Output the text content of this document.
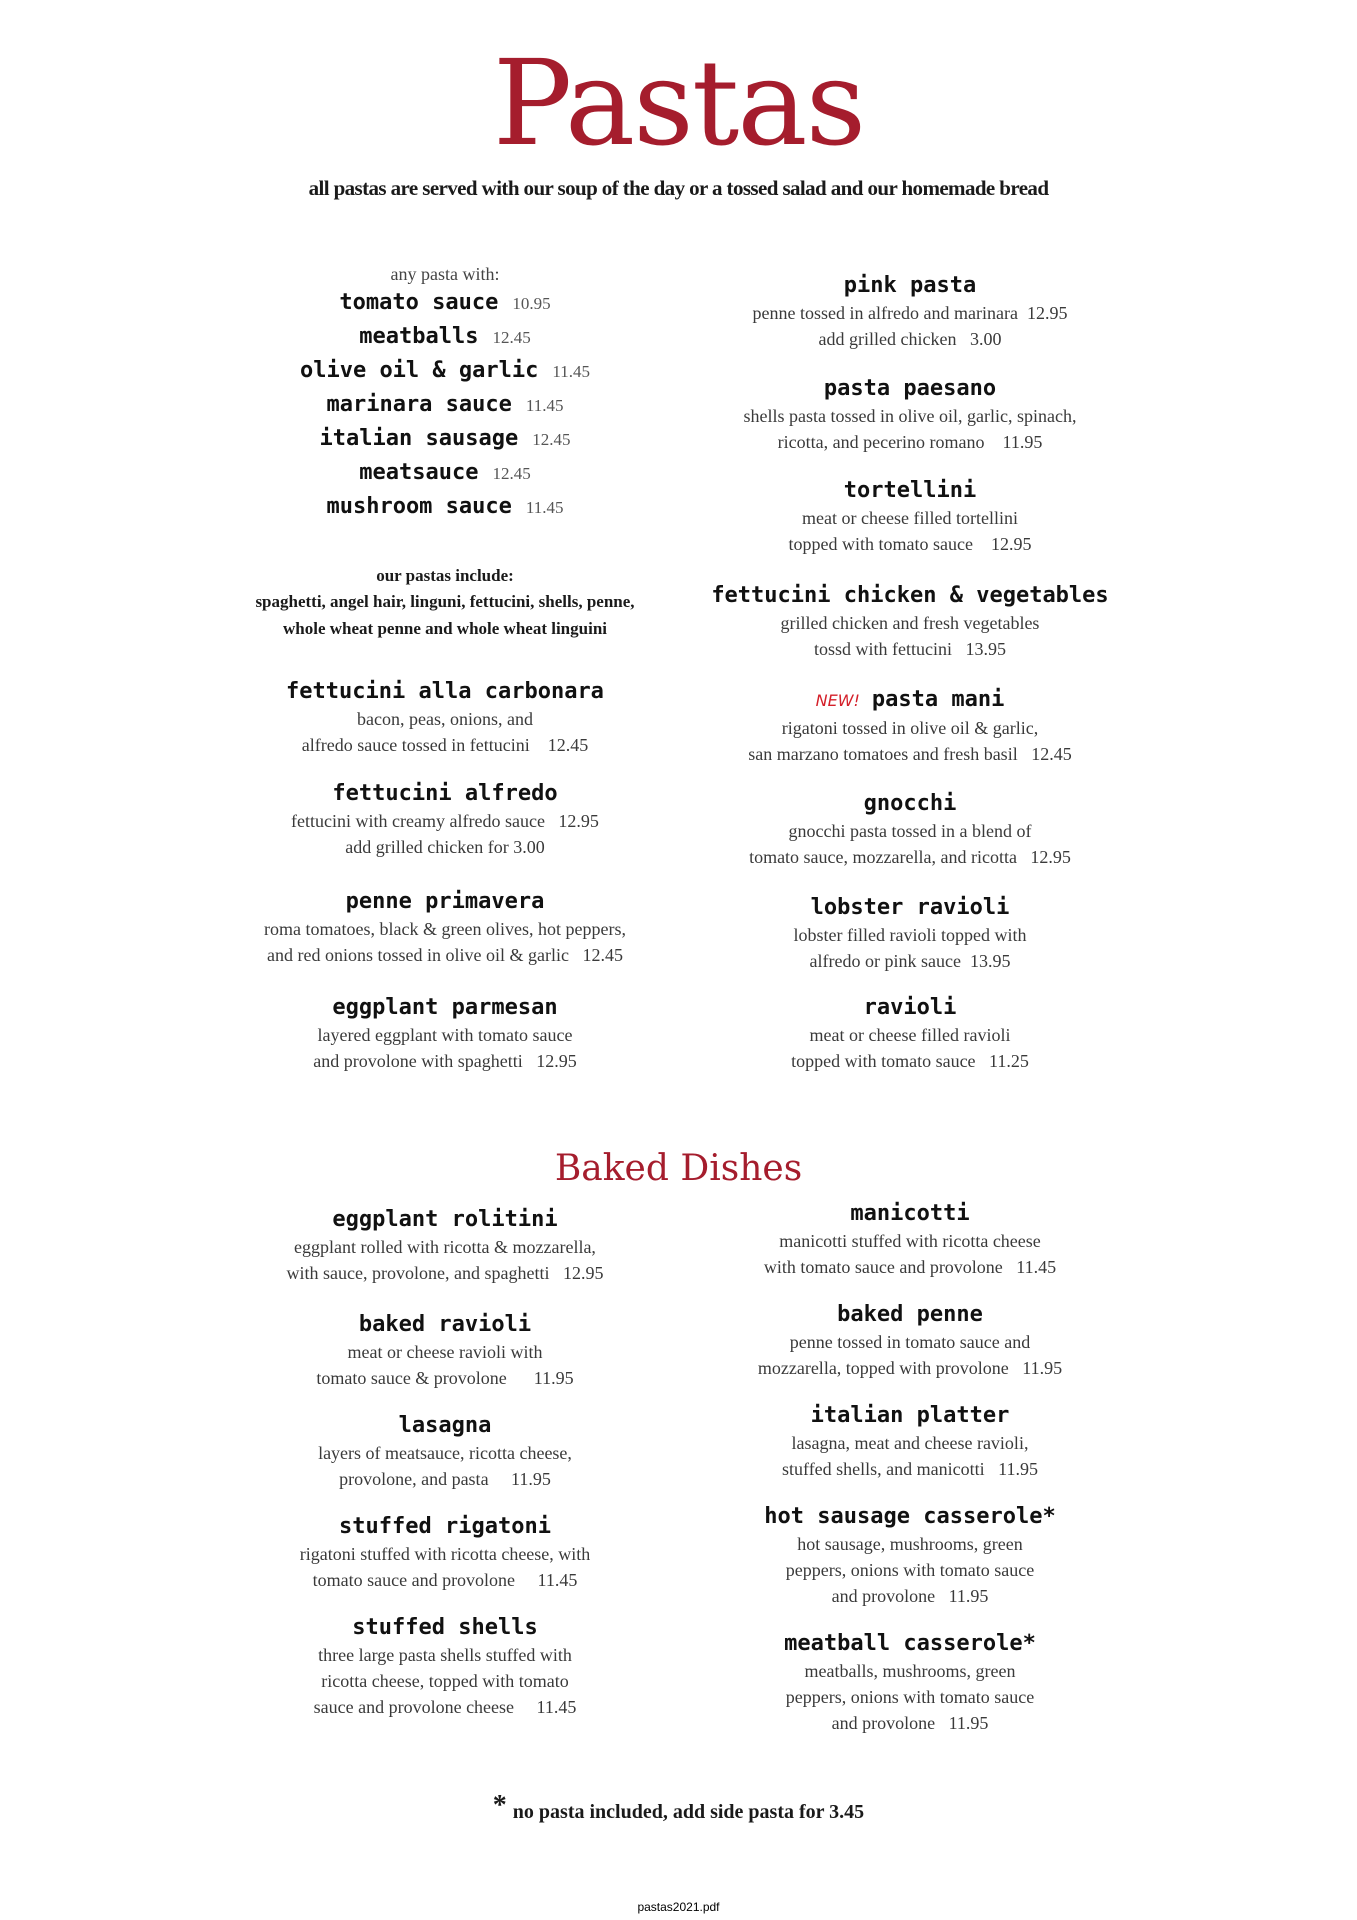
Pastas
all pastas are served with our soup of the day or a tossed salad and our homemade bread
any pasta with:
tomato sauce 10.95
meatballs 12.45
olive oil & garlic 11.45
marinara sauce 11.45
italian sausage 12.45
meatsauce 12.45
mushroom sauce 11.45
our pastas include:
spaghetti, angel hair, linguni, fettucini, shells, penne,
whole wheat penne and whole wheat linguini
fettucini alla carbonara
bacon, peas, onions, and
alfredo sauce tossed in fettucini    12.45
fettucini alfredo
fettucini with creamy alfredo sauce   12.95
add grilled chicken for 3.00
penne primavera
roma tomatoes, black & green olives, hot peppers,
and red onions tossed in olive oil & garlic   12.45
eggplant parmesan
layered eggplant with tomato sauce
and provolone with spaghetti   12.95
pink pasta
penne tossed in alfredo and marinara  12.95
add grilled chicken   3.00
pasta paesano
shells pasta tossed in olive oil, garlic, spinach,
ricotta, and pecerino romano    11.95
tortellini
meat or cheese filled tortellini
topped with tomato sauce    12.95
fettucini chicken & vegetables
grilled chicken and fresh vegetables
tossd with fettucini   13.95
NEW! pasta mani
rigatoni tossed in olive oil & garlic,
san marzano tomatoes and fresh basil   12.45
gnocchi
gnocchi pasta tossed in a blend of
tomato sauce, mozzarella, and ricotta   12.95
lobster ravioli
lobster filled ravioli topped with
alfredo or pink sauce  13.95
ravioli
meat or cheese filled ravioli
topped with tomato sauce   11.25
Baked Dishes
eggplant rolitini
eggplant rolled with ricotta & mozzarella,
with sauce, provolone, and spaghetti   12.95
baked ravioli
meat or cheese ravioli with
tomato sauce & provolone      11.95
lasagna
layers of meatsauce, ricotta cheese,
provolone, and pasta     11.95
stuffed rigatoni
rigatoni stuffed with ricotta cheese, with
tomato sauce and provolone     11.45
stuffed shells
three large pasta shells stuffed with
ricotta cheese, topped with tomato
sauce and provolone cheese     11.45
manicotti
manicotti stuffed with ricotta cheese
with tomato sauce and provolone   11.45
baked penne
penne tossed in tomato sauce and
mozzarella, topped with provolone   11.95
italian platter
lasagna, meat and cheese ravioli,
stuffed shells, and manicotti   11.95
hot sausage casserole*
hot sausage, mushrooms, green
peppers, onions with tomato sauce
and provolone   11.95
meatball casserole*
meatballs, mushrooms, green
peppers, onions with tomato sauce
and provolone   11.95
* no pasta included, add side pasta for 3.45
pastas2021.pdf
